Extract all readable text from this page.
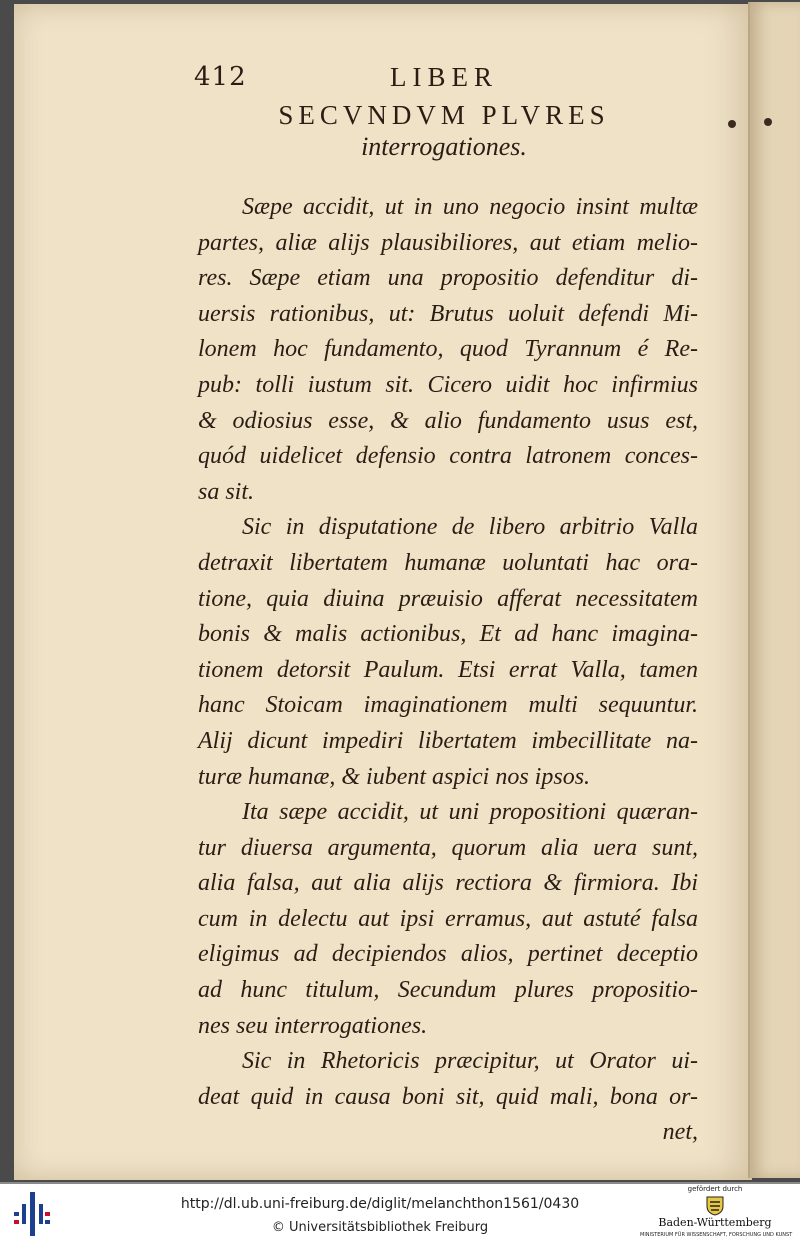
412	LIBER
SECVNDVM PLVRES
interrogationes.
Sæpe accidit, ut in uno negocio insint multæ
partes, aliæ alijs plausibiliores, aut etiam melio-
res. Sæpe etiam una propositio defenditur di-
uersis rationibus, ut: Brutus uoluit defendi Mi-
lonem hoc fundamento, quod Tyrannum é Re-
pub: tolli iustum sit. Cicero uidit hoc infirmius
& odiosius esse, & alio fundamento usus est,
quód uidelicet defensio contra latronem conces-
sa sit.
Sic in disputatione de libero arbitrio Valla
detraxit libertatem humanæ uoluntati hac ora-
tione, quia diuina præuisio afferat necessitatem
bonis & malis actionibus, Et ad hanc imagina-
tionem detorsit Paulum. Etsi errat Valla, tamen
hanc Stoicam imaginationem multi sequuntur.
Alij dicunt impediri libertatem imbecillitate na-
turæ humanæ, & iubent aspici nos ipsos.
Ita sæpe accidit, ut uni propositioni quæran-
tur diuersa argumenta, quorum alia uera sunt,
alia falsa, aut alia alijs rectiora & firmiora. Ibi
cum in delectu aut ipsi erramus, aut astuté falsa
eligimus ad decipiendos alios, pertinet deceptio
ad hunc titulum, Secundum plures propositio-
nes seu interrogationes.
Sic in Rhetoricis præcipitur, ut Orator ui-
deat quid in causa boni sit, quid mali, bona or-
net,
http://dl.ub.uni-freiburg.de/diglit/melanchthon1561/0430
© Universitätsbibliothek Freiburg
gefördert durch
Baden-Württemberg
MINISTERIUM FÜR WISSENSCHAFT, FORSCHUNG UND KUNST
